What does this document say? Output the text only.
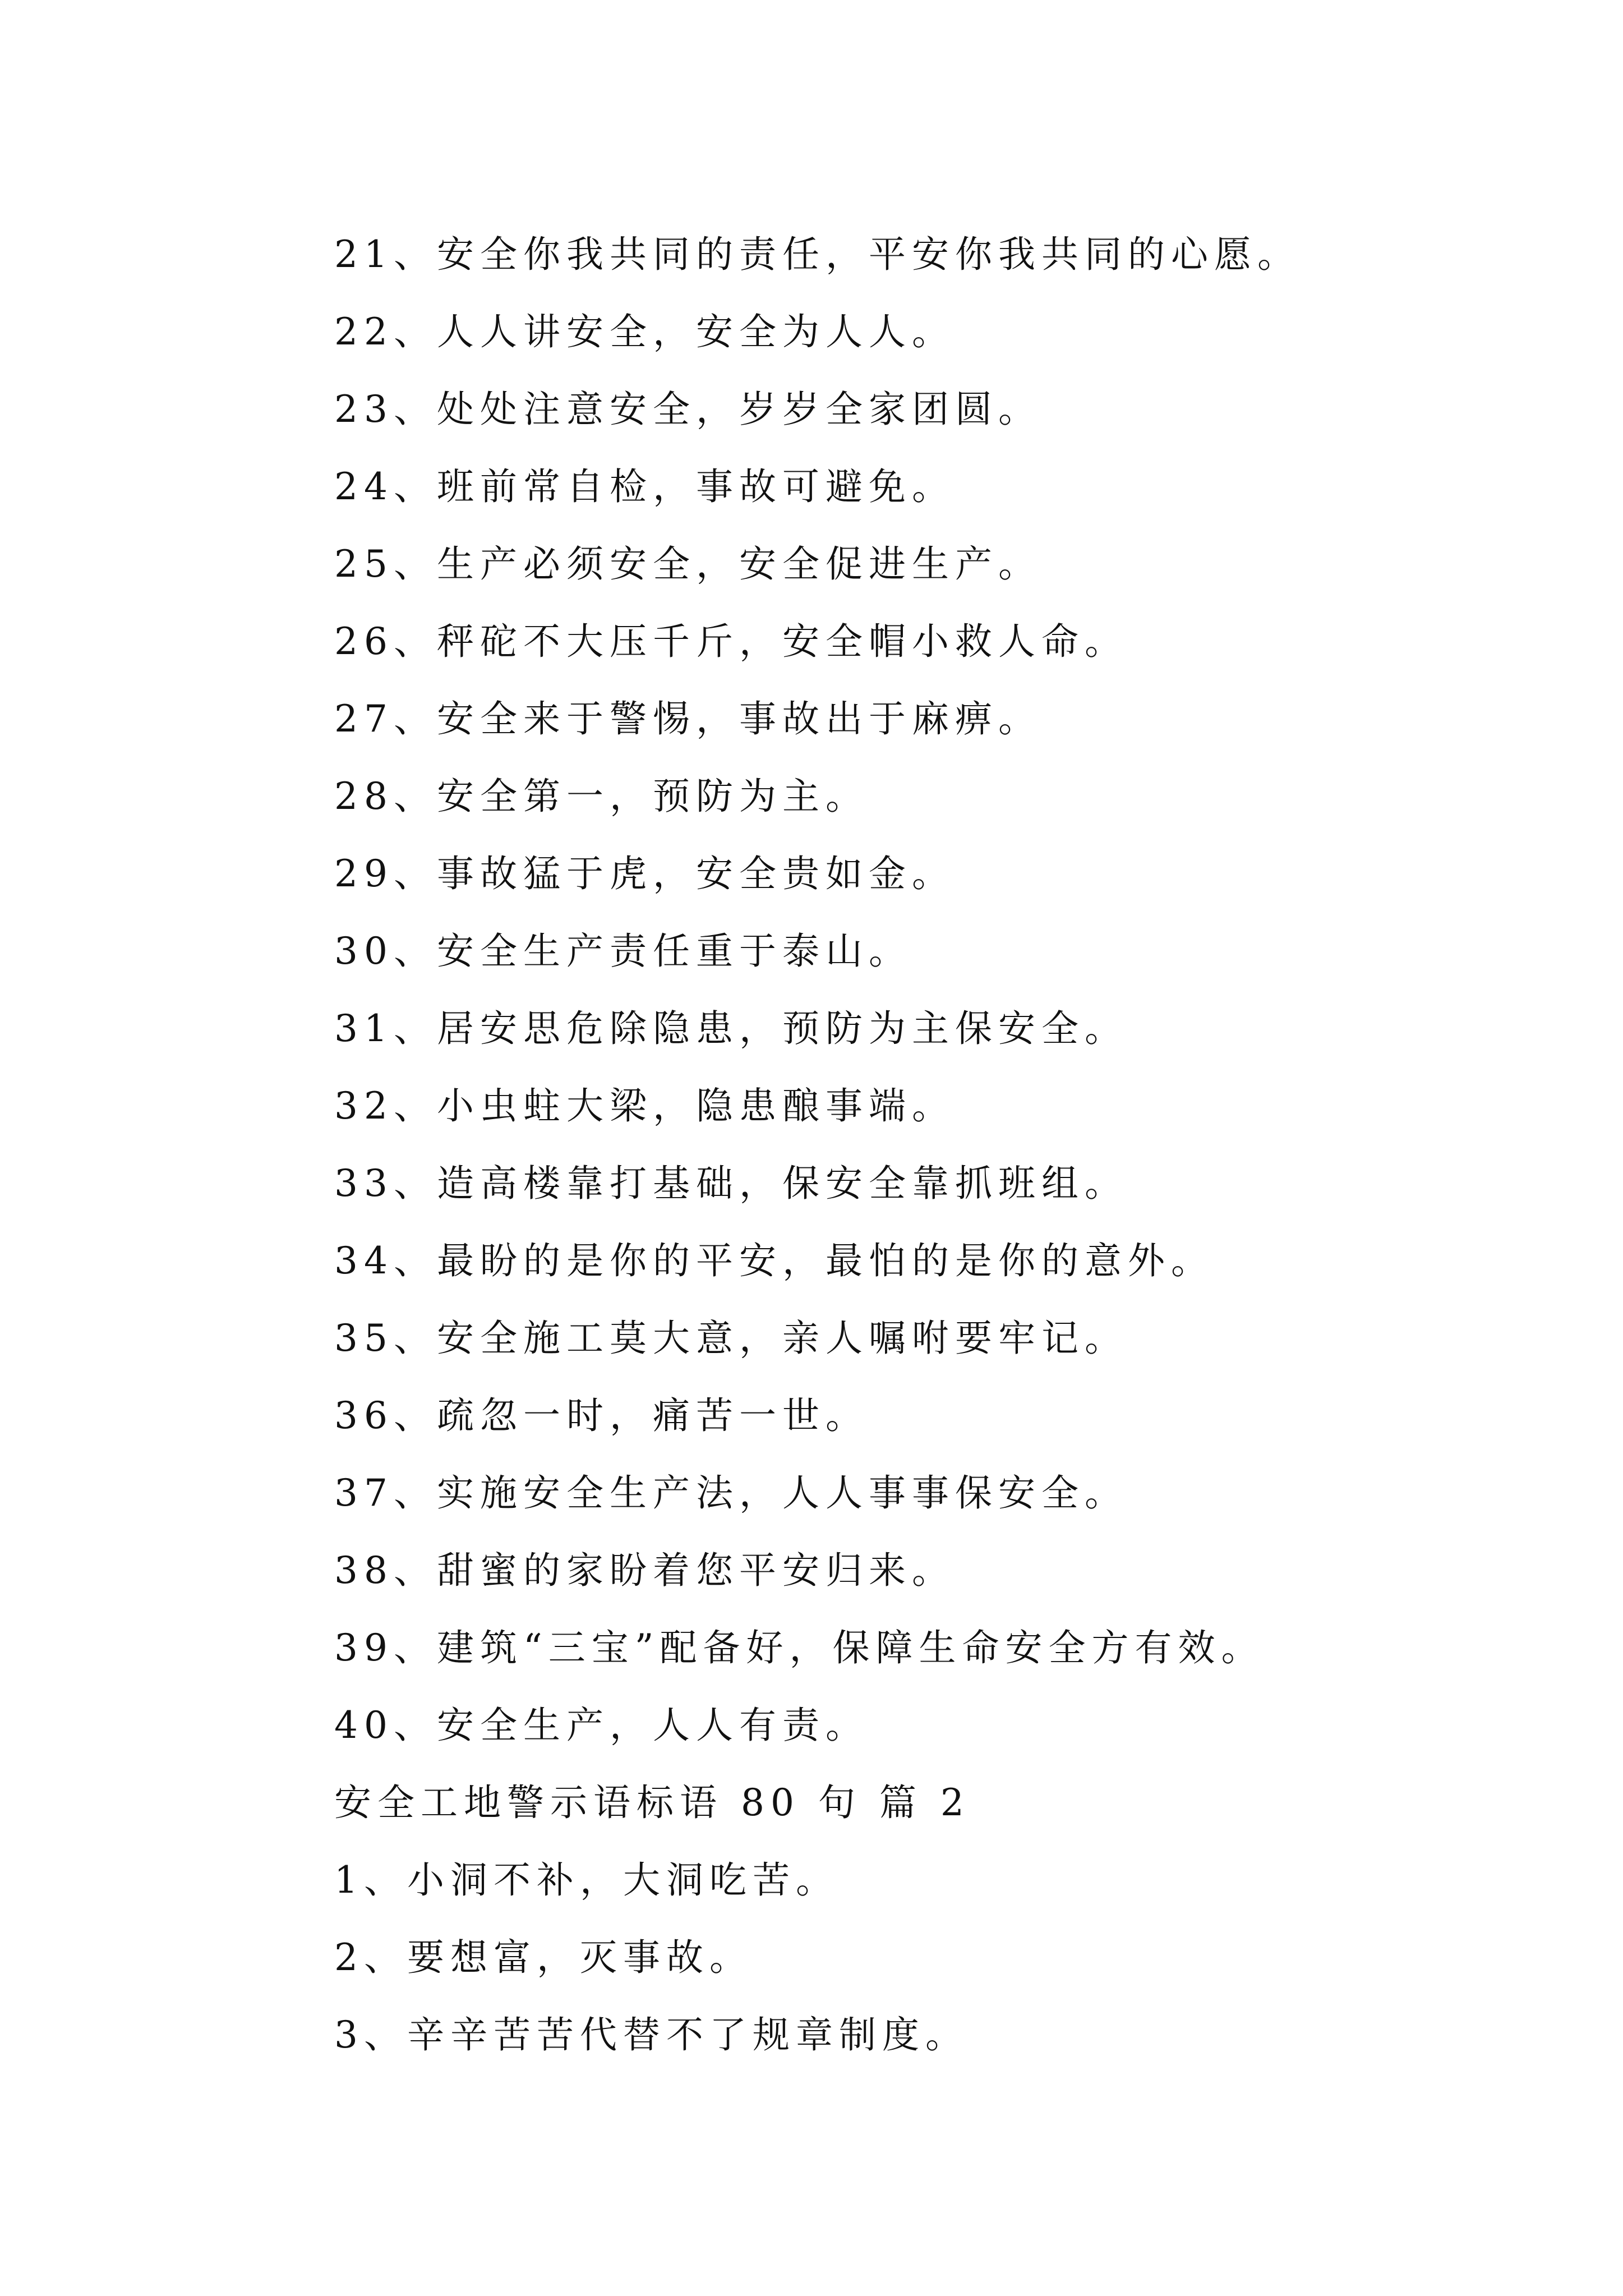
21、安全你我共同的责任，平安你我共同的心愿。
22、人人讲安全，安全为人人。
23、处处注意安全，岁岁全家团圆。
24、班前常自检，事故可避免。
25、生产必须安全，安全促进生产。
26、秤砣不大压千斤，安全帽小救人命。
27、安全来于警惕，事故出于麻痹。
28、安全第一，预防为主。
29、事故猛于虎，安全贵如金。
30、安全生产责任重于泰山。
31、居安思危除隐患，预防为主保安全。
32、小虫蛀大梁，隐患酿事端。
33、造高楼靠打基础，保安全靠抓班组。
34、最盼的是你的平安，最怕的是你的意外。
35、安全施工莫大意，亲人嘱咐要牢记。
36、疏忽一时，痛苦一世。
37、实施安全生产法，人人事事保安全。
38、甜蜜的家盼着您平安归来。
39、建筑“三宝”配备好，保障生命安全方有效。
40、安全生产，人人有责。
安全工地警示语标语 80 句 篇 2
1、小洞不补，大洞吃苦。
2、要想富，灭事故。
3、辛辛苦苦代替不了规章制度。
